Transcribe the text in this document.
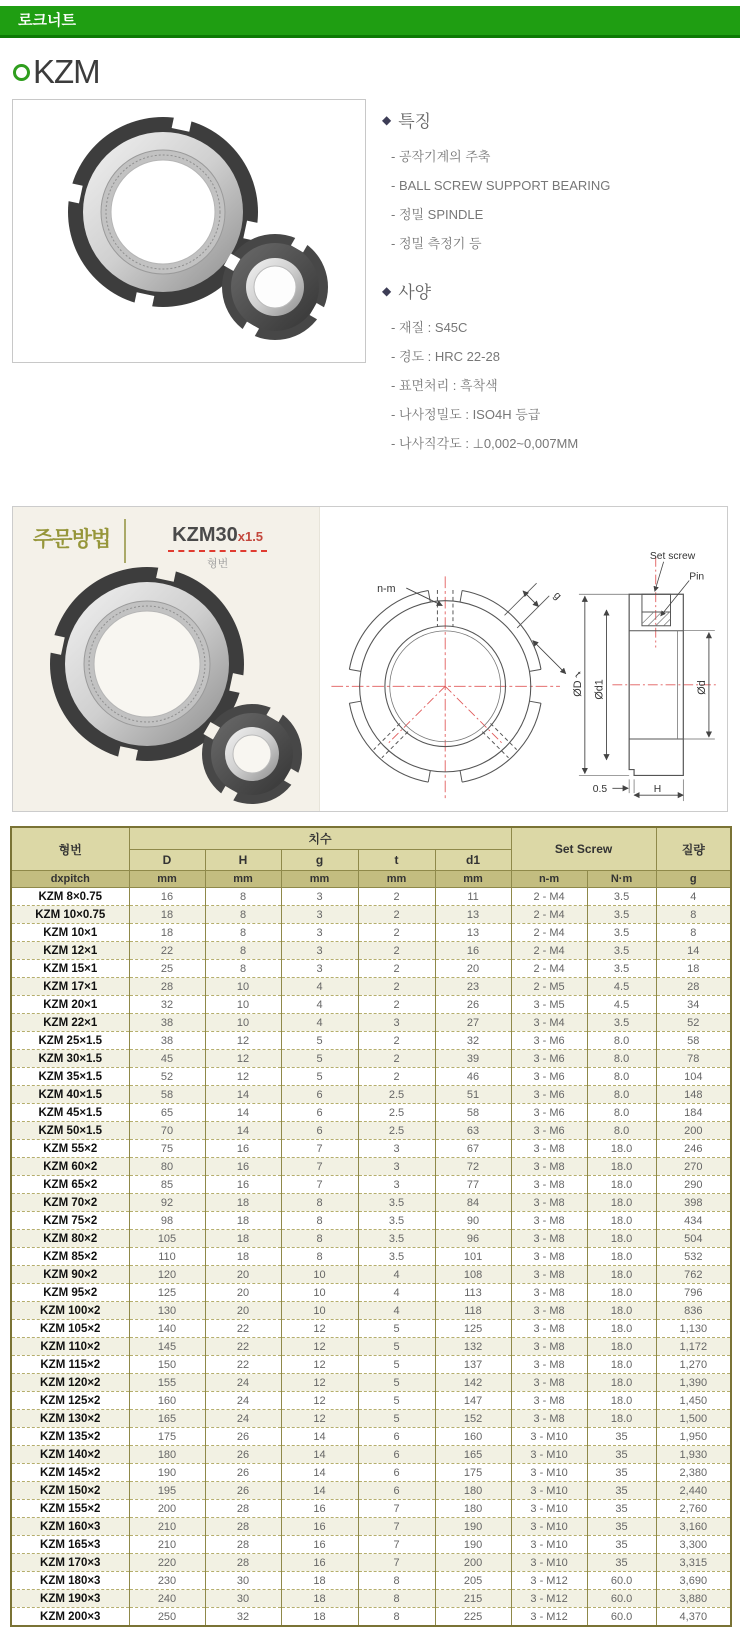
로크너트
KZM
◆ 특징
- 공작기계의 주축
- BALL SCREW SUPPORT BEARING
- 정밀 SPINDLE
- 정밀 측정기 등
◆ 사양
- 재질 : S45C
- 경도 : HRC 22-28
- 표면처리 : 흑착색
- 나사정밀도 : ISO4H 등급
- 나사직각도 : ⊥0,002~0,007MM
주문방법	KZM30x1.5
형번
g
t
n-m
ØD Ød1	Ød
Set screw
Pin
0.5	H
형번	치수					Set Screw		질량
	D	H	g	t	d1			
dxpitch	mm	mm	mm	mm	mm	n-m	N·m	g
KZM 8×0.75	16	8	3	2	11	2 - M4	3.5	4
KZM 10×0.75	18	8	3	2	13	2 - M4	3.5	8
KZM 10×1	18	8	3	2	13	2 - M4	3.5	8
KZM 12×1	22	8	3	2	16	2 - M4	3.5	14
KZM 15×1	25	8	3	2	20	2 - M4	3.5	18
KZM 17×1	28	10	4	2	23	2 - M5	4.5	28
KZM 20×1	32	10	4	2	26	3 - M5	4.5	34
KZM 22×1	38	10	4	3	27	3 - M4	3.5	52
KZM 25×1.5	38	12	5	2	32	3 - M6	8.0	58
KZM 30×1.5	45	12	5	2	39	3 - M6	8.0	78
KZM 35×1.5	52	12	5	2	46	3 - M6	8.0	104
KZM 40×1.5	58	14	6	2.5	51	3 - M6	8.0	148
KZM 45×1.5	65	14	6	2.5	58	3 - M6	8.0	184
KZM 50×1.5	70	14	6	2.5	63	3 - M6	8.0	200
KZM 55×2	75	16	7	3	67	3 - M8	18.0	246
KZM 60×2	80	16	7	3	72	3 - M8	18.0	270
KZM 65×2	85	16	7	3	77	3 - M8	18.0	290
KZM 70×2	92	18	8	3.5	84	3 - M8	18.0	398
KZM 75×2	98	18	8	3.5	90	3 - M8	18.0	434
KZM 80×2	105	18	8	3.5	96	3 - M8	18.0	504
KZM 85×2	110	18	8	3.5	101	3 - M8	18.0	532
KZM 90×2	120	20	10	4	108	3 - M8	18.0	762
KZM 95×2	125	20	10	4	113	3 - M8	18.0	796
KZM 100×2	130	20	10	4	118	3 - M8	18.0	836
KZM 105×2	140	22	12	5	125	3 - M8	18.0	1,130
KZM 110×2	145	22	12	5	132	3 - M8	18.0	1,172
KZM 115×2	150	22	12	5	137	3 - M8	18.0	1,270
KZM 120×2	155	24	12	5	142	3 - M8	18.0	1,390
KZM 125×2	160	24	12	5	147	3 - M8	18.0	1,450
KZM 130×2	165	24	12	5	152	3 - M8	18.0	1,500
KZM 135×2	175	26	14	6	160	3 - M10	35	1,950
KZM 140×2	180	26	14	6	165	3 - M10	35	1,930
KZM 145×2	190	26	14	6	175	3 - M10	35	2,380
KZM 150×2	195	26	14	6	180	3 - M10	35	2,440
KZM 155×2	200	28	16	7	180	3 - M10	35	2,760
KZM 160×3	210	28	16	7	190	3 - M10	35	3,160
KZM 165×3	210	28	16	7	190	3 - M10	35	3,300
KZM 170×3	220	28	16	7	200	3 - M10	35	3,315
KZM 180×3	230	30	18	8	205	3 - M12	60.0	3,690
KZM 190×3	240	30	18	8	215	3 - M12	60.0	3,880
KZM 200×3	250	32	18	8	225	3 - M12	60.0	4,370
